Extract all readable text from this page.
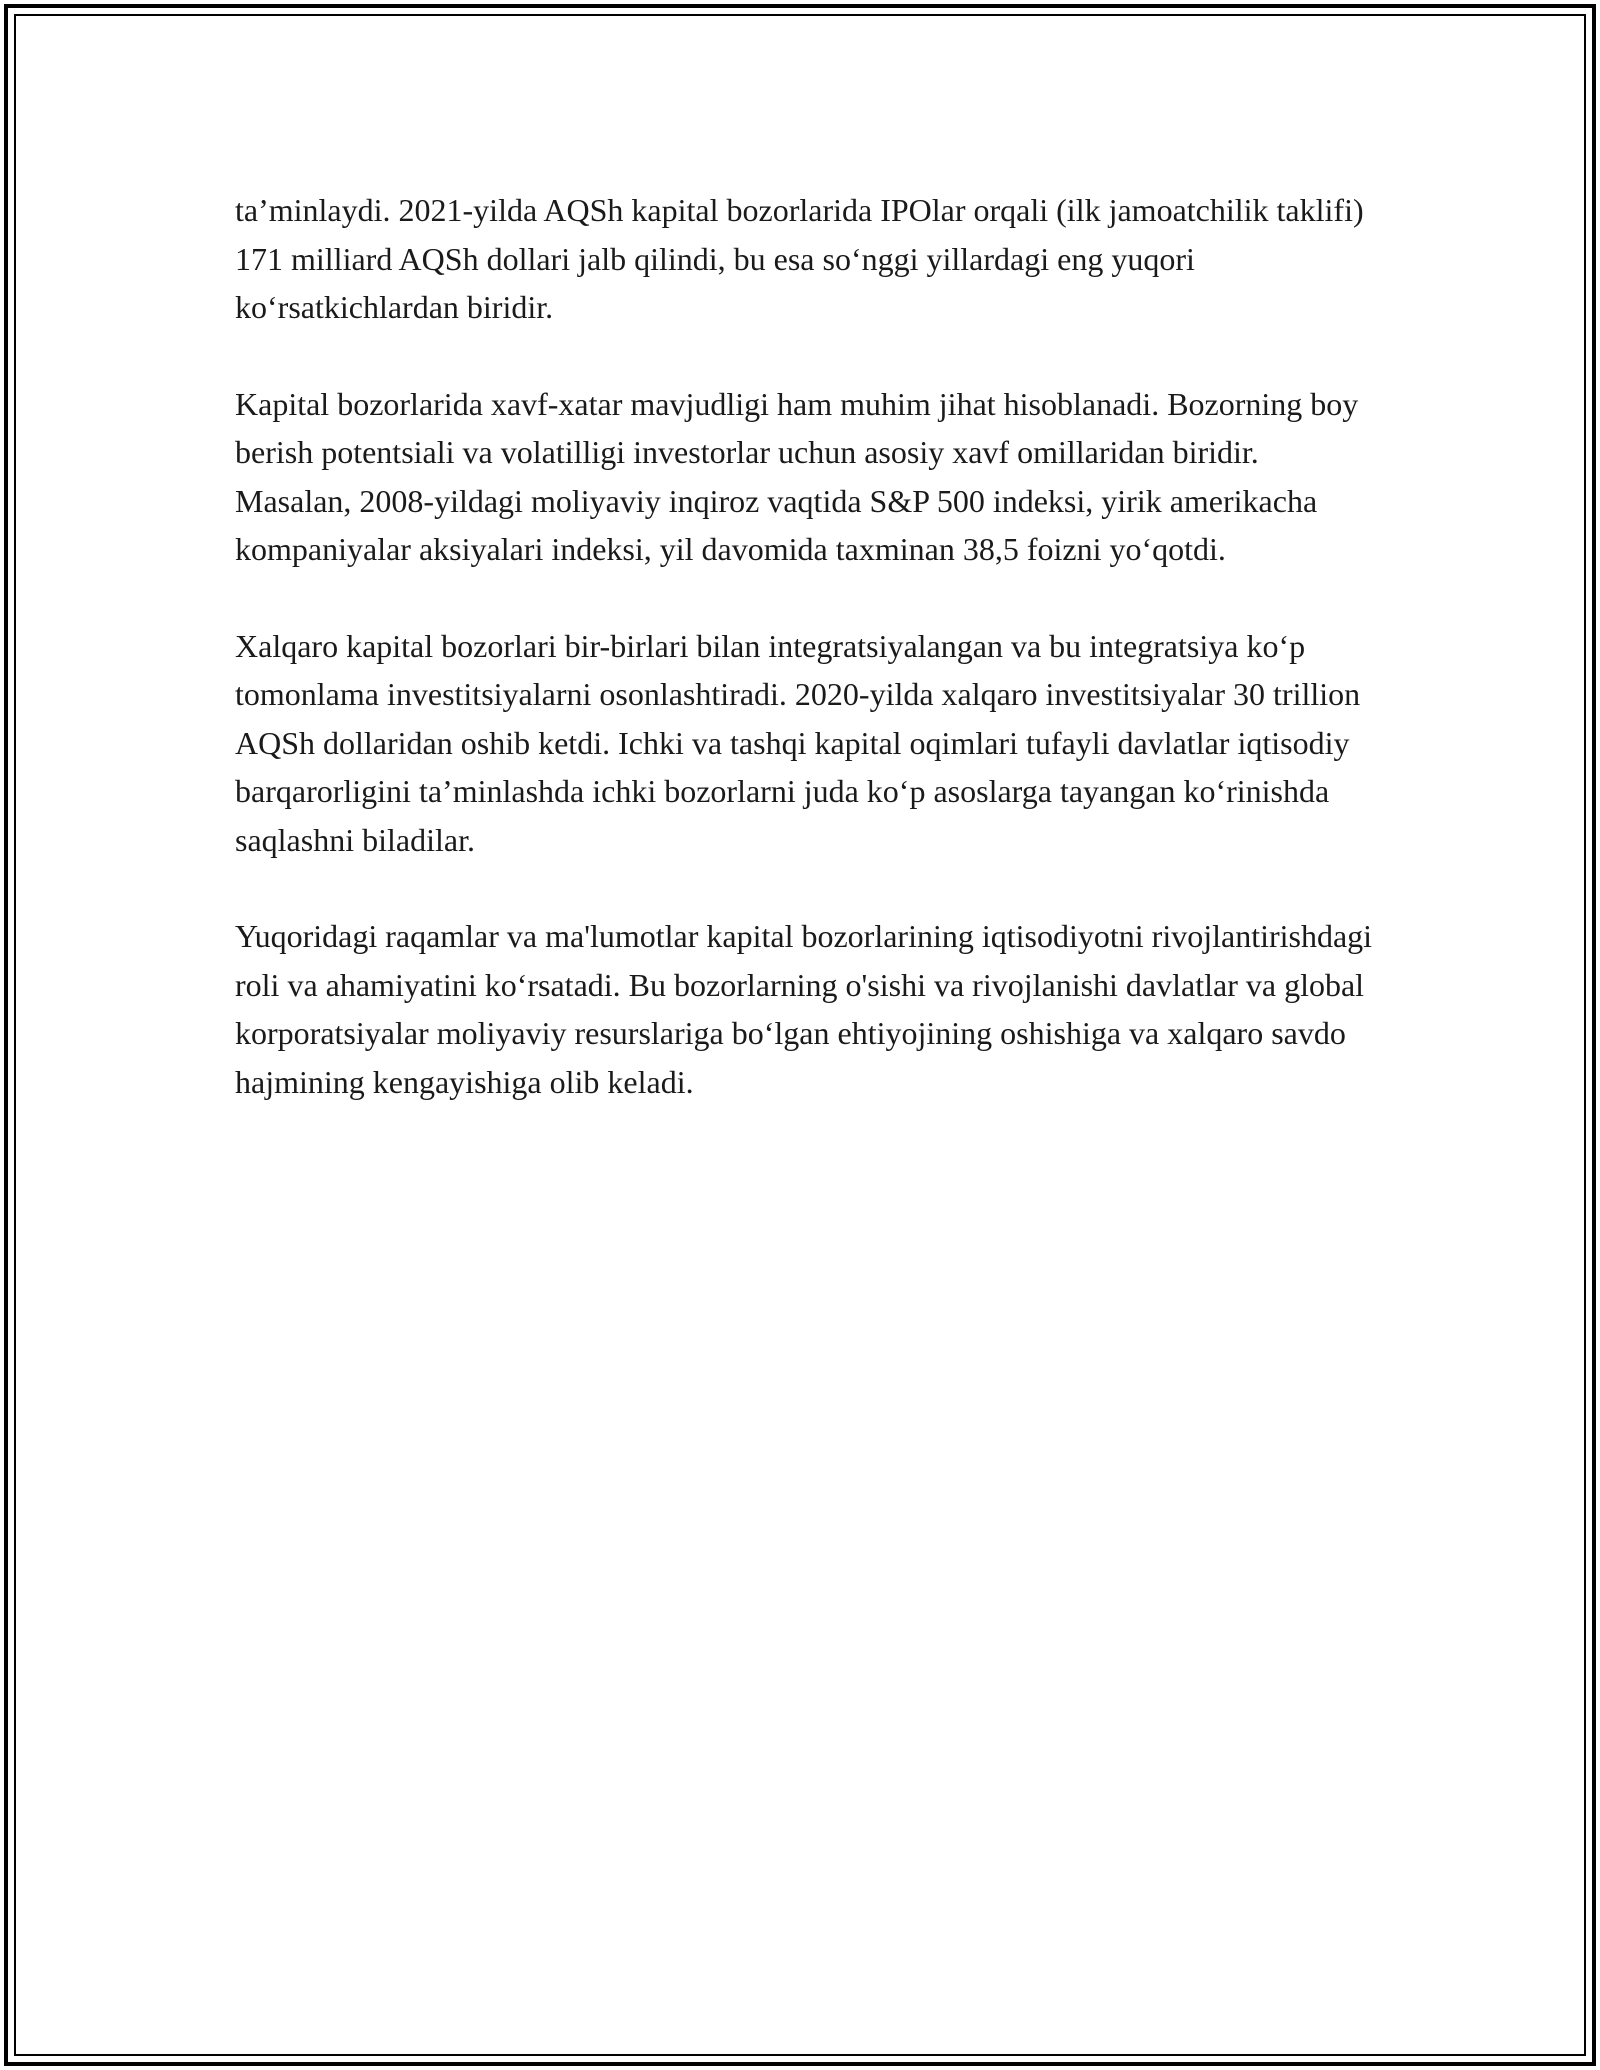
ta’minlaydi. 2021-yilda AQSh kapital bozorlarida IPOlar orqali (ilk jamoatchilik taklifi) 171 milliard AQSh dollari jalb qilindi, bu esa so‘nggi yillardagi eng yuqori ko‘rsatkichlardan biridir.

Kapital bozorlarida xavf-xatar mavjudligi ham muhim jihat hisoblanadi. Bozorning boy berish potentsiali va volatilligi investorlar uchun asosiy xavf omillaridan biridir. Masalan, 2008-yildagi moliyaviy inqiroz vaqtida S&P 500 indeksi, yirik amerikacha kompaniyalar aksiyalari indeksi, yil davomida taxminan 38,5 foizni yo‘qotdi.

Xalqaro kapital bozorlari bir-birlari bilan integratsiyalangan va bu integratsiya ko‘p tomonlama investitsiyalarni osonlashtiradi. 2020-yilda xalqaro investitsiyalar 30 trillion AQSh dollaridan oshib ketdi. Ichki va tashqi kapital oqimlari tufayli davlatlar iqtisodiy barqarorligini ta’minlashda ichki bozorlarni juda ko‘p asoslarga tayangan ko‘rinishda saqlashni biladilar.

Yuqoridagi raqamlar va ma'lumotlar kapital bozorlarining iqtisodiyotni rivojlantirishdagi roli va ahamiyatini ko‘rsatadi. Bu bozorlarning o'sishi va rivojlanishi davlatlar va global korporatsiyalar moliyaviy resurslariga bo‘lgan ehtiyojining oshishiga va xalqaro savdo hajmining kengayishiga olib keladi.
